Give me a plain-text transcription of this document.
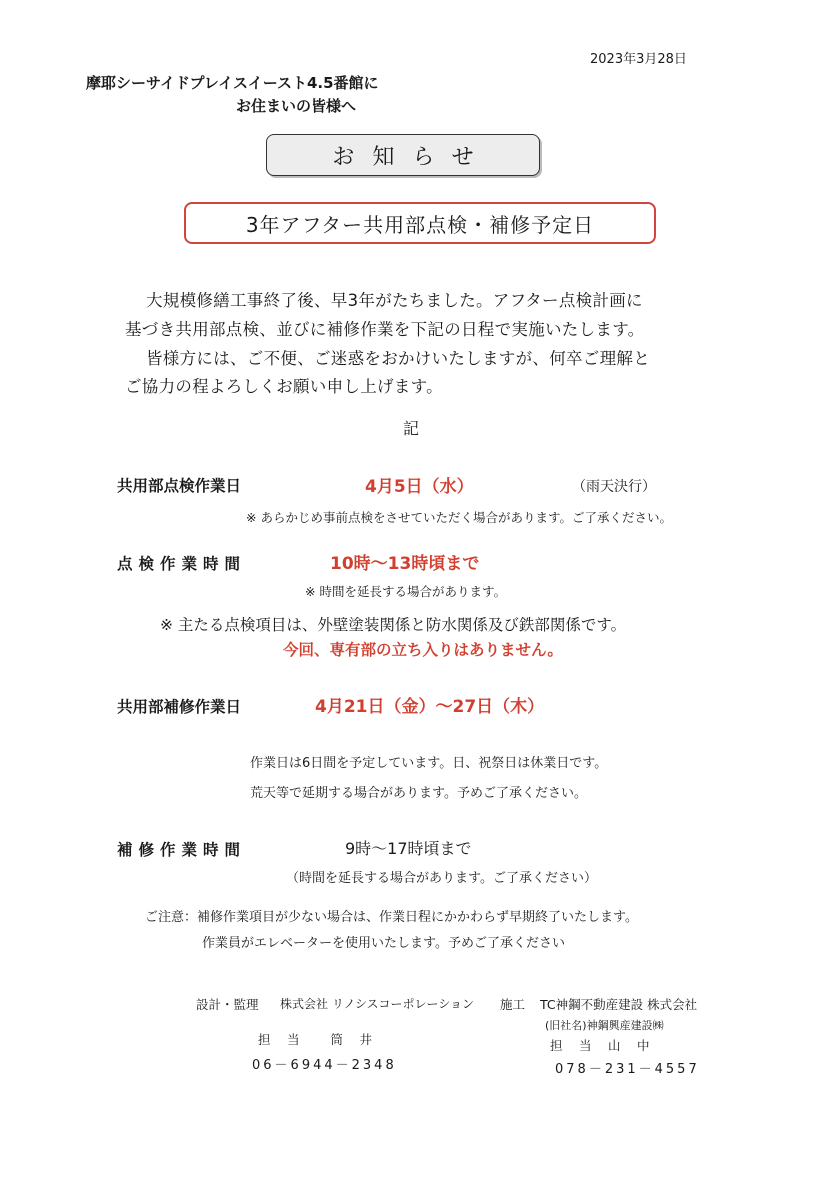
2023年3月28日
摩耶シーサイドプレイスイースト4.5番館に
お住まいの皆様へ
お知らせ
3年アフター共用部点検・補修予定日
大規模修繕工事終了後、早3年がたちました。アフター点検計画に
基づき共用部点検、並びに補修作業を下記の日程で実施いたします。
皆様方には、ご不便、ご迷惑をおかけいたしますが、何卒ご理解と
ご協力の程よろしくお願い申し上げます。
記
共用部点検作業日	4月5日（水）	（雨天決行）
※ あらかじめ事前点検をさせていただく場合があります。ご了承ください。
点検作業時間	10時～13時頃まで
※ 時間を延長する場合があります。
※ 主たる点検項目は、外壁塗装関係と防水関係及び鉄部関係です。
今回、専有部の立ち入りはありません。
共用部補修作業日	4月21日（金）～27日（木）
作業日は6日間を予定しています。日、祝祭日は休業日です。
荒天等で延期する場合があります。予めご了承ください。
補修作業時間	9時～17時頃まで
（時間を延長する場合があります。ご了承ください）
ご注意：補修作業項目が少ない場合は、作業日程にかかわらず早期終了いたします。
作業員がエレベーターを使用いたします。予めご了承ください
設計・監理 株式会社 リノシスコーポレーション
担　当　　筒　井
06－6944－2348
施工 TC神鋼不動産建設 株式会社
(旧社名)神鋼興産建設㈱
担　当　山　中
078－231－4557
